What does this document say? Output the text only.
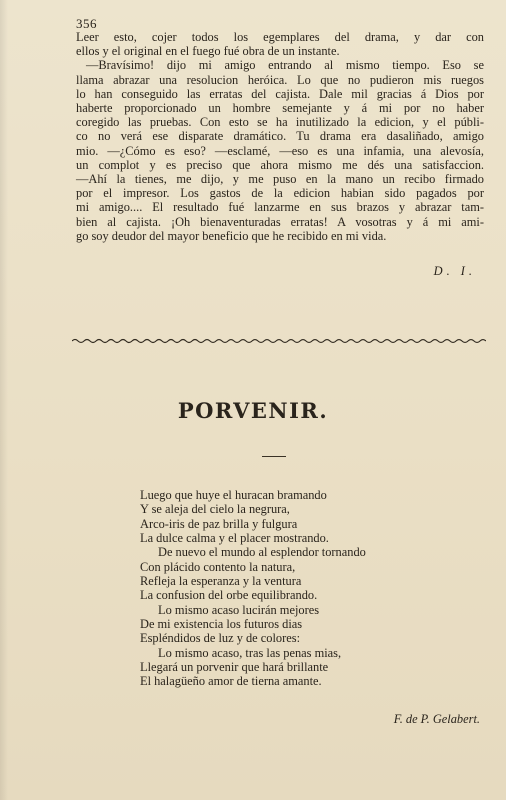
356
Leer esto, cojer todos los egemplares del drama, y dar con
ellos y el original en el fuego fué obra de un instante.
—Bravísimo! dijo mi amigo entrando al mismo tiempo. Eso se
llama abrazar una resolucion heróica. Lo que no pudieron mis ruegos
lo han conseguido las erratas del cajista. Dale mil gracias á Dios por
haberte proporcionado un hombre semejante y á mi por no haber
coregido las pruebas. Con esto se ha inutilizado la edicion, y el públi-
co no verá ese disparate dramático. Tu drama era dasaliñado, amigo
mio. —¿Cómo es eso? —esclamé, —eso es una infamia, una alevosía,
un complot y es preciso que ahora mismo me dés una satisfaccion.
—Ahí la tienes, me dijo, y me puso en la mano un recibo firmado
por el impresor. Los gastos de la edicion habian sido pagados por
mi amigo.... El resultado fué lanzarme en sus brazos y abrazar tam-
bien al cajista. ¡Oh bienaventuradas erratas! A vosotras y á mi ami-
go soy deudor del mayor beneficio que he recibido en mi vida.
D. I.
PORVENIR.
Luego que huye el huracan bramando
Y se aleja del cielo la negrura,
Arco-iris de paz brilla y fulgura
La dulce calma y el placer mostrando.
De nuevo el mundo al esplendor tornando
Con plácido contento la natura,
Refleja la esperanza y la ventura
La confusion del orbe equilibrando.
Lo mismo acaso lucirán mejores
De mi existencia los futuros dias
Espléndidos de luz y de colores:
Lo mismo acaso, tras las penas mias,
Llegará un porvenir que hará brillante
El halagüeño amor de tierna amante.
F. de P. Gelabert.
